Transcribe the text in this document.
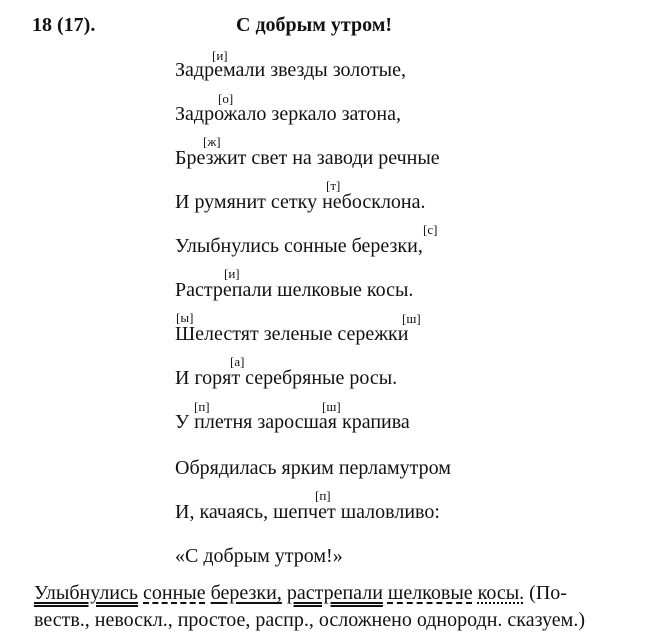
18 (17).	С добрым утром!
[и]
[о]
[ж]
[т]
[с]
[и]
[ы]	[ш]
[а]
[п]	[ш]
[п]
Задремали звезды золотые,
Задрожало зеркало затона,
Брезжит свет на заводи речные
И румянит сетку небосклона.
Улыбнулись сонные березки,
Растрепали шелковые косы.
Шелестят зеленые сережки
И горят серебряные росы.
У плетня заросшая крапива
Обрядилась ярким перламутром
И, качаясь, шепчет шаловливо:
«С добрым утром!»
Улыбнулись сонные березки, растрепали шелковые косы. (По-
веств., невоскл., простое, распр., осложнено однородн. сказуем.)
